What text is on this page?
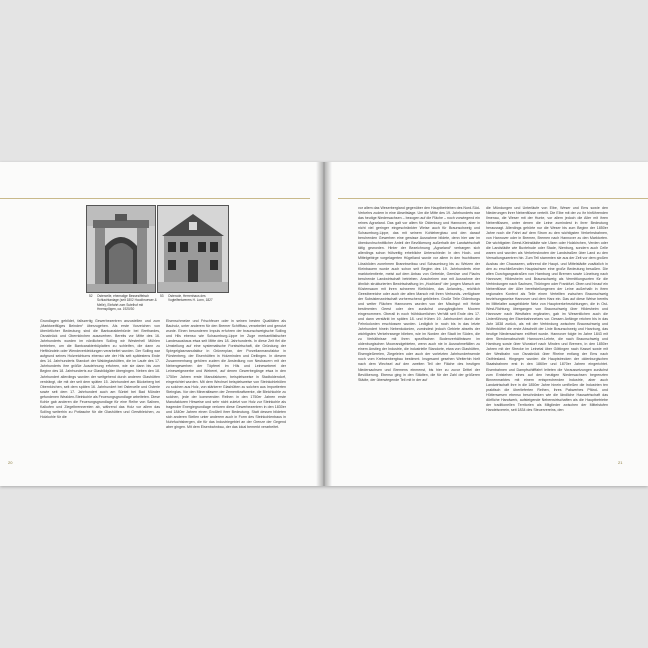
52 Ostercelle, ehemalige Bessesiffelsch Schlachtanlage (seit 1802 Hoodbruewer & Melle), Einfahrt zum Sutelhof mit Hnensplögen, ca. 1920/30
53 Osterode, Herrenhaus des Vogtelfentwerers H. Lonn, 1827

Grundlagen gebildet, fallszertig Gewerbezentren anzustellen und zum „Marktweiflüges Beinden“ überzugehen. Als erste Vorzeichen von überörtlicher Bedeutung sind die Bantcarakterbürde bei Brethardes, Osnabrück und Obernkirchen auszuerben. Bereits vor Mitte des 16. Jahrhunderts wurden im nördlichen Solling wir Westerhell Mühlen betrieben, um die Bantcarakterbüplatten zu schleifen, die dann zu Heftbündeln oder Wendeverkleidungen verarbeitet wurden. Der Solling war aufgrund seines Holzreichtums ebenso wie der Hils seit spätestens Ende des 14. Jahrhunderts Standort der Waldeglashütten, die im Laufe des 17. Jahrhunderts ihre größte Ausdehnung erfuhren, wie sie dann bis zum Beginn des 18. Jahrhunderts zur Glasbildgüter übergingen. Neben den 18. Jahrhundert allerdings wurden der weitgehend durch anderen Glashütten verdrängt, die mit der seit dem späten 15. Jahrhundert am Bückeberg bei Obernkirchen, seit dem späten 16. Jahrhundert bei Ostercelle und Osterie sowie seit dem 17. Jahrhundert auch am Süntel bei Bad Münder gefundenen Wealden-Steinkohle als Feuerungsgrundlage arbeiteten. Diese Kohle gab anderen die Feuerungsgrundlage für eine Reihe von Salinen, Kalkofen und Ziegelbrennereien ab, während das Holz vor allem das Solling weiterhin zu Pottasche für die Glashütten und Gerstbleichen, zu Holzkohle für die

Eisenschmelze und Frischfeuer oder in seinen besten Qualitäten als Bauholz, unter anderem für den Bremer Schiffbau, verarbeitet und genutzt wurde. Einen besonderen Impuls erfuhren der braunschweigische Solling und Hils ebenso wie Schaumburg-Lippe im Zuge merkantilistischer Landesausbaus etwa seit Mitte des 18. Jahrhunderts. In diese Zeit fiel die Umstellung auf eine systematische Forstwirtschaft, die Gründung der Spiegelglasmanufaktur in Grünenplan, der Porzellanmanufaktur in Fürstenberg, der Eisenhütten in Holzminden und Dellingen. In diesem Zusammenhang gehören zudem die Ansiedlung von Neubauern mit der Nebengewerben der Töpferei im Hils und Leineweberei der Leineweigewerbe und Weberei, auf denen Gewerbegänge etwa in den 1750er Jahren erste Manufakturen, beispielsweise in Stadtoldendorf, eingerichtet wurden. Mit dem Wechsel beispielsweise von Steinkohlebölen zu solchen aus Holz, von stärkerer Glashütten zu solchen aus Importierten Steinglas. Vor den Mineralfasern der Zementkraftwerke, die Bleichkohle zu solchen, jede der kommenden Reihen in den 1750er Jahren erste Manufakturen Hinweise und sehr nicht zuletzt von Holz zur Steinkohle als tragender Energiegrundlage verloren diese Gewerbezentren in den 1830er und 1840er Jahren einen Großteil ihrer Bedeutung. Statt dessen bildeten sich anderen Stellen unter anderem auch in Form des Steinkohlenbaus in Nuhrfuchtsbergen, die für das Industriegebiet an der Grenze der Gegend aber gingen. Mit dem Eisenbahnbau, der das lokal bemerkt verarbeitet.

vor allem das Weserbergland gegenüber den Hauptbetrieben des Nord-Süd-Verkehrs zudem in eine Abseitslage. Um die Mitte des 19. Jahrhunderts war das heutige Niedersachsen – bezogen auf die Fläche – noch vorwiegend ein reines Agrarland. Das galt vor allem für Oldenburg und Hannover, aber in nicht viel geringer eingeschränkter Weise auch für Braunschweig und Schaumburg-Lippe, das mit seinem Kohlebergbau und den darauf beruhenden Gewerben eine gewisse Ausnahme bildete, denn hier war im überdurchschnittlicher Anteil der Bevölkerung außerhalb der Landwirtschaft tätig geworden. Hinter der Bezeichnung „Agrarland“ verbargen sich allerdings schon frühzeitig erhebliche Unterschiede: In den Hoch- und Mittelgebirge vorgelagerten Hügelland wurde vor allem in den fruchtbaren Lössböden zunehmen Branntweibau und Schaumburg bis zu Weizen der Kleinbauern wurde auch schon seit Beginn des 19. Jahrhunderts eine marktorientierte, meist auf dem Anbau von Getreide, Gemüse und Flachs beruhende Landwirtschaft betrieben. Anscheinen war mit Ausnahme der ähnlich strukturierten Bewirtschaftung im „Hochland“ der jungen Marsch am Küstensaum mit ihren schweren Kleiböden, das Anlandeş-, reichlich Geestbereiche oder auch der alten Marsch mit ihren Verbunds- verfügbare der Subsistenzwirtschaft vorherrschend geblieben. Große Teile Oldenburgs und weiter Flächen Hannovers wurden von der Mischgut mit Heide bestimmten Geest oder den zunächst unzugänglichen Mooren eingenommen. Oberall in noch frühbäuerlichen Verhält seit Ende des 17. und dann verstärkt im späten 18. und frühen 19. Jahrhundert durch die Fehnkolonien erschlossen wurden. Lediglich in noch bis in das letzte Jahrhundert hinein Nebenkolonien, zumindest jedoch Gebiete abseits der wichtigsten Verkehrswege blieben, wie im Norden der Stadt im Süden, die zu Verhältnisse mit ihren spezifischen Bodenverhältnissen im oldenburgischen Moorrandgebieten, wenn auch nie in Ausnahmefällen zu einem Anstieg der Industrie, die industrielle Standorte, etwa von Glashütten, Eisengießereien, Ziegeleien oder auch der vorletzten Jahrhundertwende noch vom Krebsenbergbau bestimmt. Insgesamt gesehen Weiterhin hielt nach dem Wechsel auf den zweiten Teil der Fläche des heutigen Niedersachsen und Bremens einmenst, bis hier zu zuvor Drittel der Bevölkerung. Ebenso ging in den Städten, die für der Zahl der größeren Städte, der überwiegende Teil mit in der auf

die Mündungen und Unterläufe von Elbe, Weser und Ems sowie den Niederungen ihrer Nebenflüsse verteilt. Die Elbe mit der zu ihr hinführenden Ilmenau, die Weser mit der Hunte, vor allem jedoch die Aller mit ihren Nebenflüssen, unter denen die Leine zumindest in ihrer Bedeutung herausragt. Allerdings gehörte nur die Weser bis zum Beginn der 1850er Jahre noch die Fahrt auf dem Strom zu den wichtigsten Verkehrsbahnen, von Hannover oder in Bremen, Bremen nach Hannover zu den Marktorten. Die wichtigsten Geest-Kleinstädte wie Ulzen oder Holzkirchen, Verden oder die Landstädte wie Buxtehude oder Stade, Nienburg, sondern auch Celle waren und wurden als Verkehrsknoten der Landstraßen über Land zu den Verwaltungszentren hin. Zum Teil stammten sie aus der Zeit vor dem großen Ausbau der Chausseen, während die Haupt- und Mittelstädte zusätzlich in den zu erschließenden Hauptachsen eine große Bedeutung besaßen. Die alten Durchgangsstraßen von Hamburg und Bremen sowie Lüneburg nach Hannover, Hildesheim und Braunschweig als Vermittlungsorten für die Verbindungen nach Sachsen, Thüringen oder Frankfurt. Oben und hinauf ein Nebenflüsse der Aller bereitstellungenen der Leine außerhalb in ihren regionalen Kontext als Teile einen Verteilten zwischen Braunschweig beziehungsweise Hannover und dem Harz ein. Das auf diese Weise bereits im Mittelalter ausgebildete Netz von Hauptverkehrsrichtungen, die in Ost-West-Richtung übergangen von Braunschweig über Hildesheim und Hannover nach Westfalen ergänzten, gab im Wesentlichen auch die Linienführung der Eisenbahnnetzes vor. Dessen Anfänge reichen bis in das Jahr 1838 zurück, als mit der Verbindung zwischen Braunschweig und Wolfenbüttel die erste Abschnitt der Linie Braunschweig und Harzburg, das heutige Niedersachsen eröffnet wurde. Hannover folgte im Jahre 1843 mit dem Streckenabschnitt Hannover-Lehrte, die nach Braunschweig und Hamburg sowie über Wunstorf nach Minden und Bremen, in den 1850er Jahren mit der Strecke im Leinetal über Göttingen nach Kassel sowie mit der Westbahn von Osnabrück über Rheine entlang der Ems nach Ostfriesland. Hingegen wurden die Hauptstrecken der oldenburgischen Staatsbahnen erst in den 1860er und 1870er Jahren eingerichtet. Eisenbahnen und Dampfschifffahrt leiteten die Voraussetzungen zunächst zum Entstehen eines auf den heutigen Niedersachsen begrenzten Binnenmarktes mit einem entsprechenden Industrie, aber auch Landwirtschaft ihre in die 1850er Jahre hinein umfließen die Industrien ten praktisch die überlieferten Reihen, ihres Pakwerbes Pfänd- und Hüttenwesen ebenso beschränken wie die ländliche Hauswirtschaft das dörfliche Handwerk, aufsteigende Nebenwirtschaften als die Hauptbetriebe der traditionellen Territorien als Mitglieder zwischen der Mittelstufen Handelsverein, seit 1834 des Steuervereins, den

20	21
